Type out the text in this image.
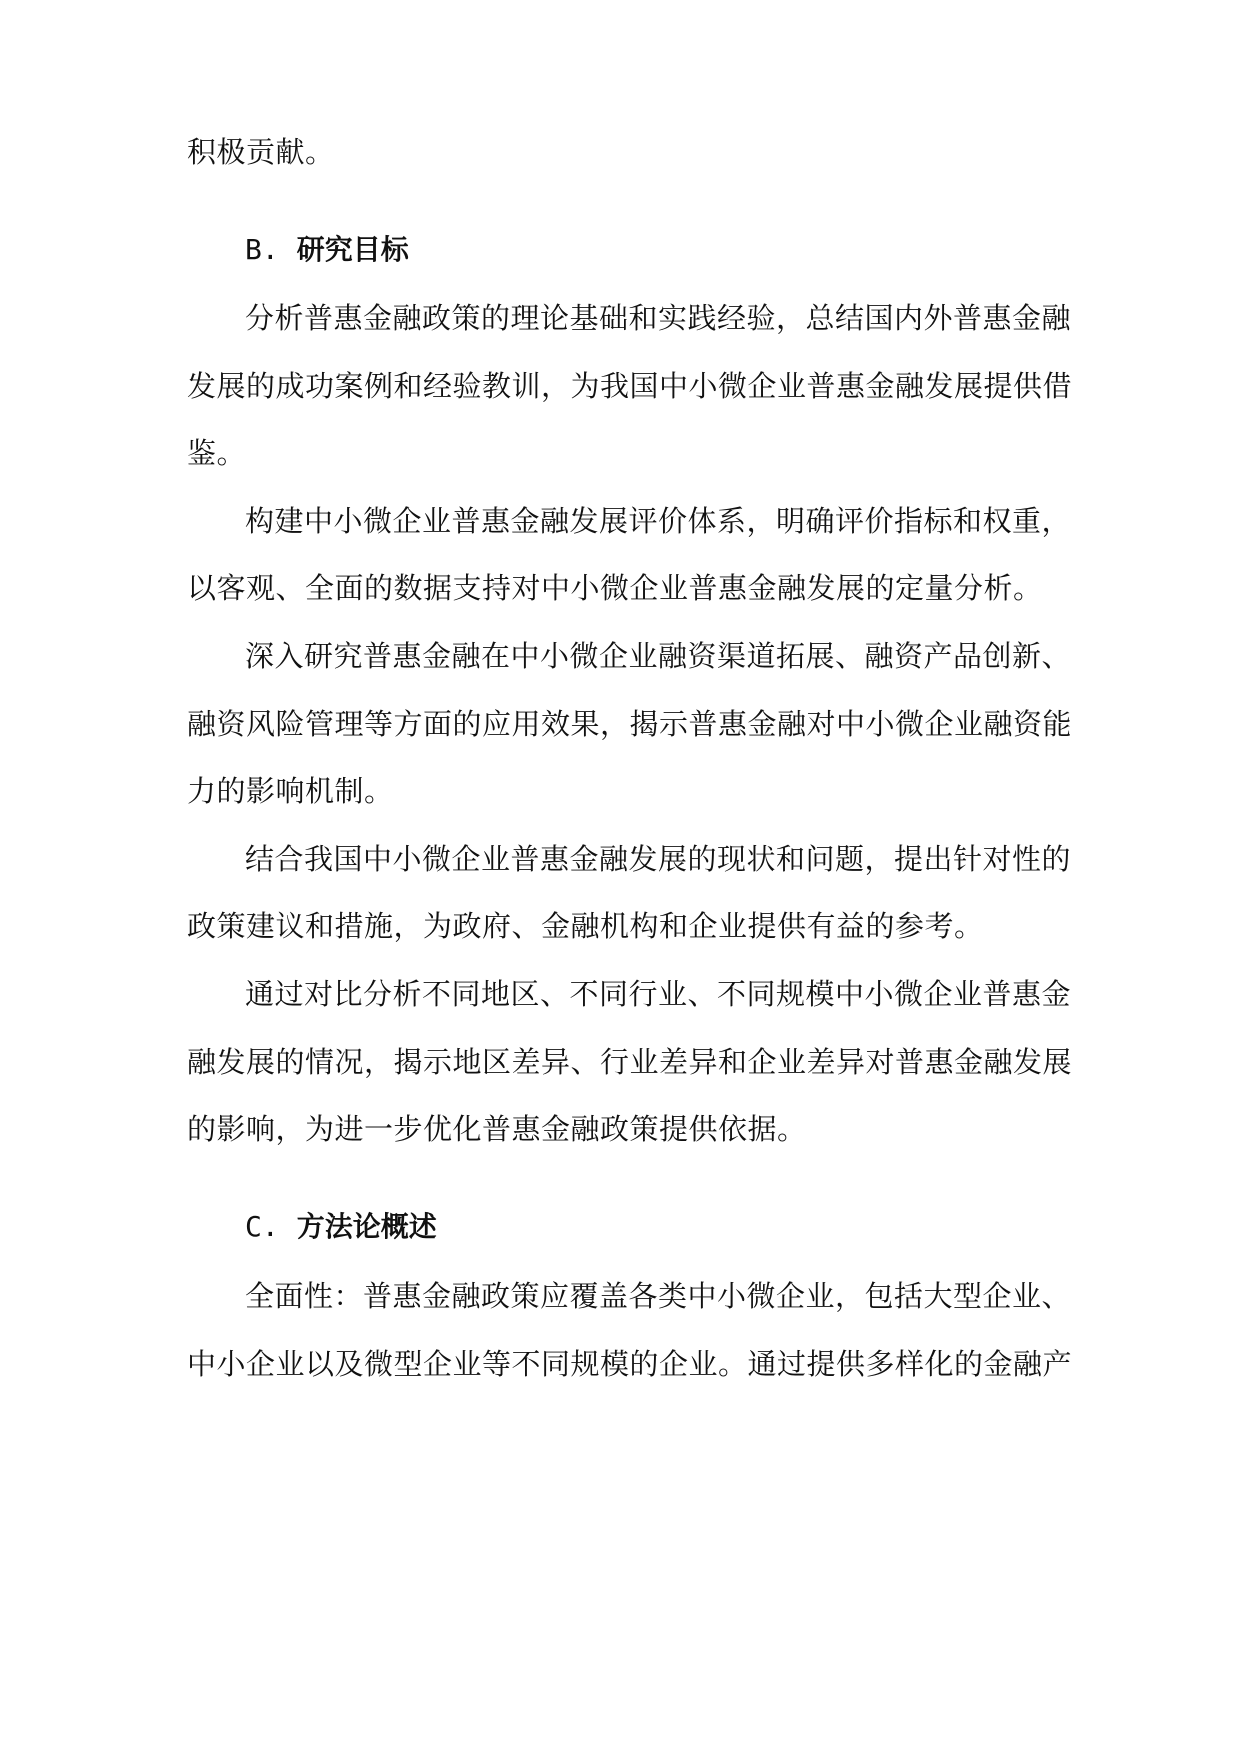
积极贡献。
B. 研究目标
分析普惠金融政策的理论基础和实践经验，总结国内外普惠金融
发展的成功案例和经验教训，为我国中小微企业普惠金融发展提供借
鉴。
构建中小微企业普惠金融发展评价体系，明确评价指标和权重，
以客观、全面的数据支持对中小微企业普惠金融发展的定量分析。
深入研究普惠金融在中小微企业融资渠道拓展、融资产品创新、
融资风险管理等方面的应用效果，揭示普惠金融对中小微企业融资能
力的影响机制。
结合我国中小微企业普惠金融发展的现状和问题，提出针对性的
政策建议和措施，为政府、金融机构和企业提供有益的参考。
通过对比分析不同地区、不同行业、不同规模中小微企业普惠金
融发展的情况，揭示地区差异、行业差异和企业差异对普惠金融发展
的影响，为进一步优化普惠金融政策提供依据。
C. 方法论概述
全面性：普惠金融政策应覆盖各类中小微企业，包括大型企业、
中小企业以及微型企业等不同规模的企业。通过提供多样化的金融产
